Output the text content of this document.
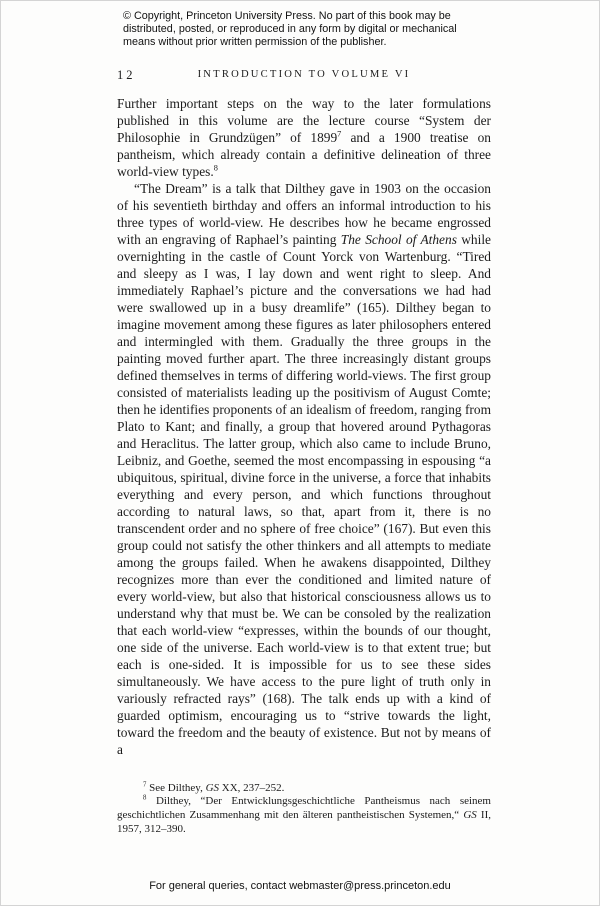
© Copyright, Princeton University Press. No part of this book may be distributed, posted, or reproduced in any form by digital or mechanical means without prior written permission of the publisher.
12	INTRODUCTION TO VOLUME VI

Further important steps on the way to the later formulations published in this volume are the lecture course “System der Philosophie in Grundzügen” of 1899$^7$ and a 1900 treatise on pantheism, which already contain a definitive delineation of three world-view types.$^8$

“The Dream” is a talk that Dilthey gave in 1903 on the occasion of his seventieth birthday and offers an informal introduction to his three types of world-view. He describes how he became engrossed with an engraving of Raphael’s painting The School of Athens while overnighting in the castle of Count Yorck von Wartenburg. “Tired and sleepy as I was, I lay down and went right to sleep. And immediately Raphael’s picture and the conversations we had had were swallowed up in a busy dreamlife” (165). Dilthey began to imagine movement among these figures as later philosophers entered and intermingled with them. Gradually the three groups in the painting moved further apart. The three increasingly distant groups defined themselves in terms of differing world-views. The first group consisted of materialists leading up the positivism of August Comte; then he identifies proponents of an idealism of freedom, ranging from Plato to Kant; and finally, a group that hovered around Pythagoras and Heraclitus. The latter group, which also came to include Bruno, Leibniz, and Goethe, seemed the most encompassing in espousing “a ubiquitous, spiritual, divine force in the universe, a force that inhabits everything and every person, and which functions throughout according to natural laws, so that, apart from it, there is no transcendent order and no sphere of free choice” (167). But even this group could not satisfy the other thinkers and all attempts to mediate among the groups failed. When he awakens disappointed, Dilthey recognizes more than ever the conditioned and limited nature of every world-view, but also that historical consciousness allows us to understand why that must be. We can be consoled by the realization that each world-view “expresses, within the bounds of our thought, one side of the universe. Each world-view is to that extent true; but each is one-sided. It is impossible for us to see these sides simultaneously. We have access to the pure light of truth only in variously refracted rays” (168). The talk ends up with a kind of guarded optimism, encouraging us to “strive towards the light, toward the freedom and the beauty of existence. But not by means of a

$^7$ See Dilthey, GS XX, 237–252.

$^8$ Dilthey, “Der Entwicklungsgeschichtliche Pantheismus nach seinem geschichtlichen Zusammenhang mit den älteren pantheistischen Systemen,“ GS II, 1957, 312–390.

For general queries, contact webmaster@press.princeton.edu
